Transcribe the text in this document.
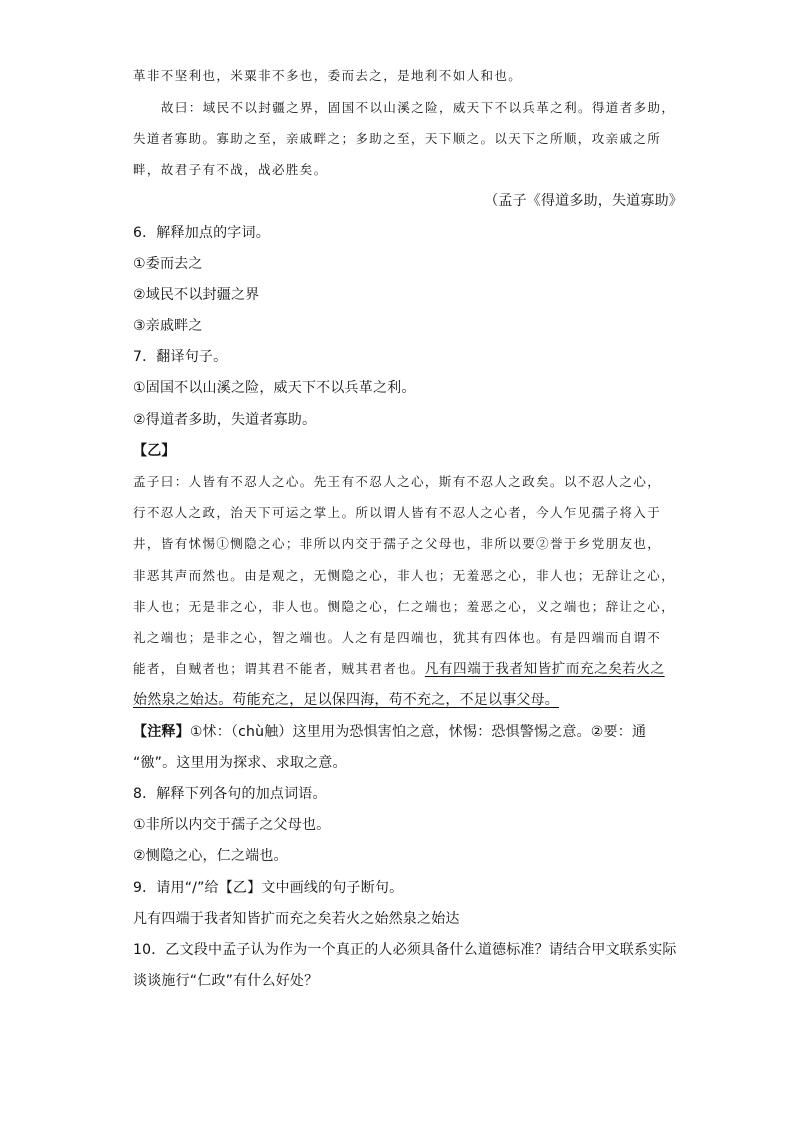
革非不坚利也，米粟非不多也，委而去之，是地利不如人和也。

故曰：域民不以封疆之界，固国不以山溪之险，威天下不以兵革之利。得道者多助，

失道者寡助。寡助之至，亲戚畔之；多助之至，天下顺之。以天下之所顺，攻亲戚之所

畔，故君子有不战，战必胜矣。

（孟子《得道多助，失道寡助》

6．解释加点的字词。

①委而去之

②域民不以封疆之界

③亲戚畔之

7．翻译句子。

①固国不以山溪之险，威天下不以兵革之利。

②得道者多助，失道者寡助。

【乙】

孟子曰：人皆有不忍人之心。先王有不忍人之心，斯有不忍人之政矣。以不忍人之心，

行不忍人之政，治天下可运之掌上。所以谓人皆有不忍人之心者，今人乍见孺子将入于

井，皆有怵惕①恻隐之心；非所以内交于孺子之父母也，非所以要②誉于乡党朋友也，

非恶其声而然也。由是观之，无恻隐之心，非人也；无羞恶之心，非人也；无辞让之心，

非人也；无是非之心，非人也。恻隐之心，仁之端也；羞恶之心，义之端也；辞让之心，

礼之端也；是非之心，智之端也。人之有是四端也，犹其有四体也。有是四端而自谓不

能者，自贼者也；谓其君不能者，贼其君者也。凡有四端于我者知皆扩而充之矣若火之

始然泉之始达。苟能充之，足以保四海，苟不充之，不足以事父母。

【注释】①怵：（chù触）这里用为恐惧害怕之意，怵惕：恐惧警惕之意。②要：通

“徼”。这里用为探求、求取之意。

8．解释下列各句的加点词语。

①非所以内交于孺子之父母也。

②恻隐之心，仁之端也。

9．请用“/”给【乙】文中画线的句子断句。

凡有四端于我者知皆扩而充之矣若火之始然泉之始达

10．乙文段中孟子认为作为一个真正的人必须具备什么道德标准？请结合甲文联系实际

谈谈施行“仁政”有什么好处？
